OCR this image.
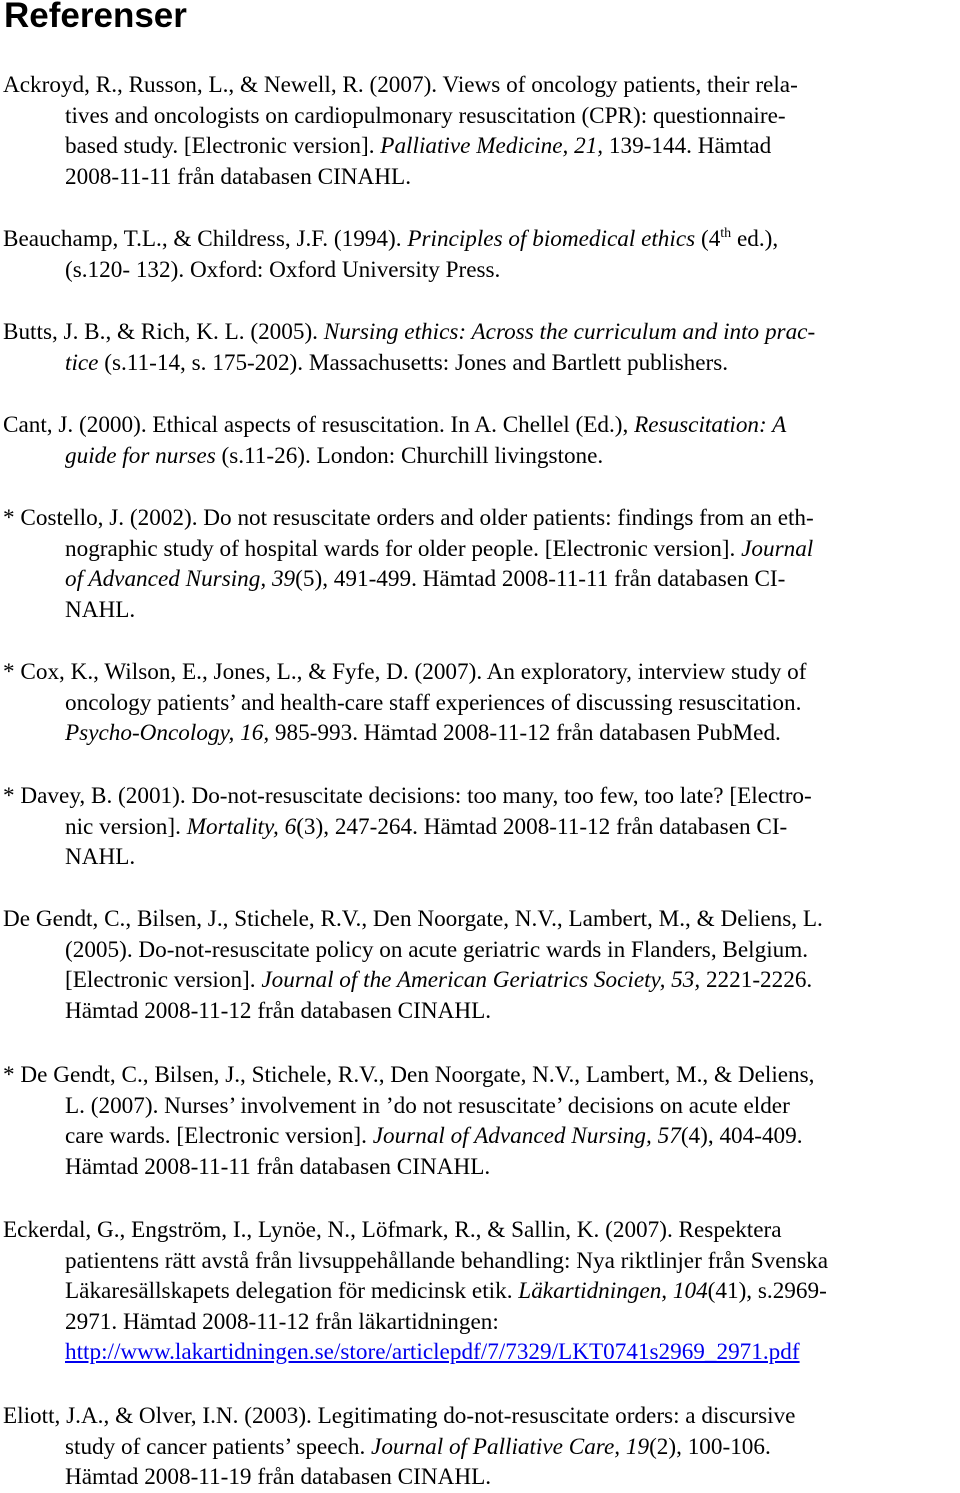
Referenser
Ackroyd, R., Russon, L., & Newell, R. (2007). Views of oncology patients, their rela-
tives and oncologists on cardiopulmonary resuscitation (CPR): questionnaire-
based study. [Electronic version]. Palliative Medicine, 21, 139-144. Hämtad
2008-11-11 från databasen CINAHL.
Beauchamp, T.L., & Childress, J.F. (1994). Principles of biomedical ethics (4th ed.),
(s.120- 132). Oxford: Oxford University Press.
Butts, J. B., & Rich, K. L. (2005). Nursing ethics: Across the curriculum and into prac-
tice (s.11-14, s. 175-202). Massachusetts: Jones and Bartlett publishers.
Cant, J. (2000). Ethical aspects of resuscitation. In A. Chellel (Ed.), Resuscitation: A
guide for nurses (s.11-26). London: Churchill livingstone.
* Costello, J. (2002). Do not resuscitate orders and older patients: findings from an eth-
nographic study of hospital wards for older people. [Electronic version]. Journal
of Advanced Nursing, 39(5), 491-499. Hämtad 2008-11-11 från databasen CI-
NAHL.
* Cox, K., Wilson, E., Jones, L., & Fyfe, D. (2007). An exploratory, interview study of
oncology patients’ and health-care staff experiences of discussing resuscitation.
Psycho-Oncology, 16, 985-993. Hämtad 2008-11-12 från databasen PubMed.
* Davey, B. (2001). Do-not-resuscitate decisions: too many, too few, too late? [Electro-
nic version]. Mortality, 6(3), 247-264. Hämtad 2008-11-12 från databasen CI-
NAHL.
De Gendt, C., Bilsen, J., Stichele, R.V., Den Noorgate, N.V., Lambert, M., & Deliens, L.
(2005). Do-not-resuscitate policy on acute geriatric wards in Flanders, Belgium.
[Electronic version]. Journal of the American Geriatrics Society, 53, 2221-2226.
Hämtad 2008-11-12 från databasen CINAHL.
* De Gendt, C., Bilsen, J., Stichele, R.V., Den Noorgate, N.V., Lambert, M., & Deliens,
L. (2007). Nurses’ involvement in ’do not resuscitate’ decisions on acute elder
care wards. [Electronic version]. Journal of Advanced Nursing, 57(4), 404-409.
Hämtad 2008-11-11 från databasen CINAHL.
Eckerdal, G., Engström, I., Lynöe, N., Löfmark, R., & Sallin, K. (2007). Respektera
patientens rätt avstå från livsuppehållande behandling: Nya riktlinjer från Svenska
Läkaresällskapets delegation för medicinsk etik. Läkartidningen, 104(41), s.2969-
2971. Hämtad 2008-11-12 från läkartidningen:
http://www.lakartidningen.se/store/articlepdf/7/7329/LKT0741s2969_2971.pdf
Eliott, J.A., & Olver, I.N. (2003). Legitimating do-not-resuscitate orders: a discursive
study of cancer patients’ speech. Journal of Palliative Care, 19(2), 100-106.
Hämtad 2008-11-19 från databasen CINAHL.
